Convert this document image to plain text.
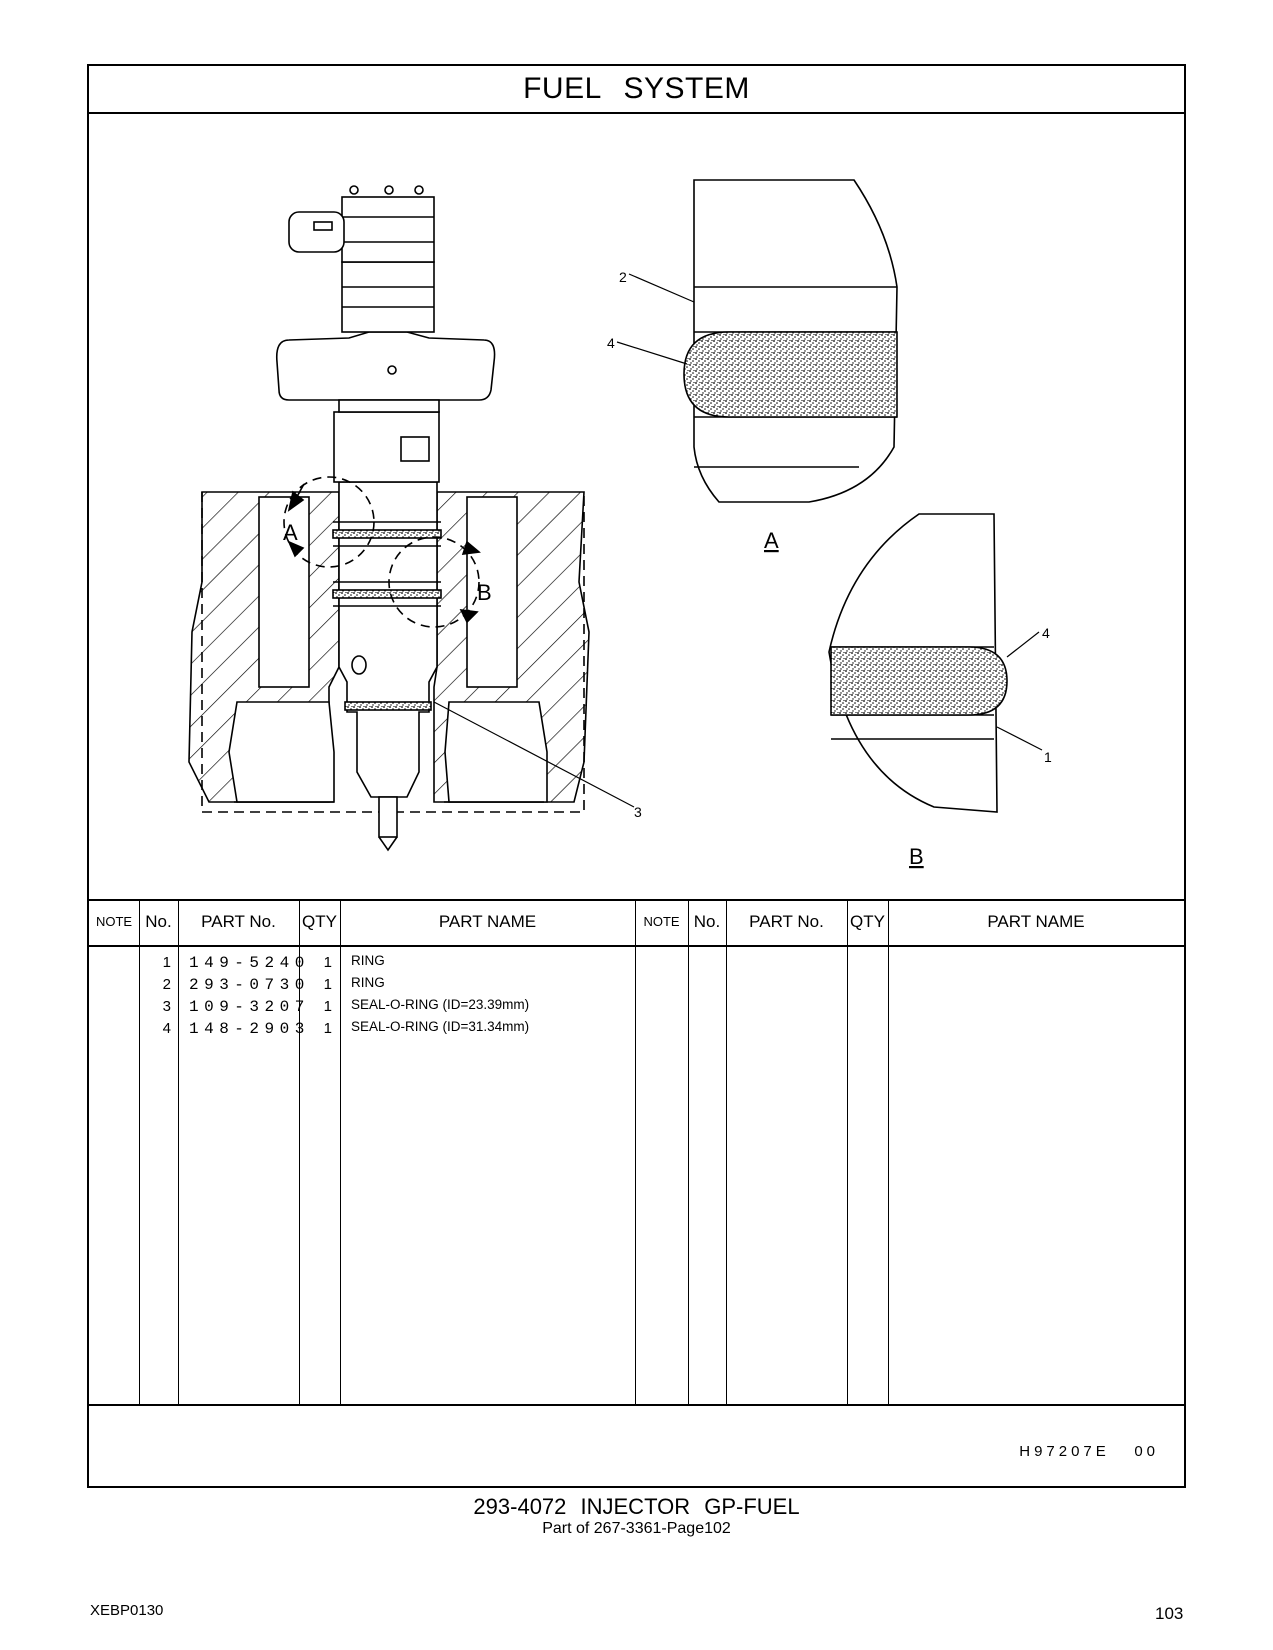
FUEL SYSTEM
A
B
3
2
4
4
1
A
B
NOTE No.	PART No.	QTY	PART NAME	NOTE No.	PART No.	QTY	PART NAME
1 149-5240 1 RING
2 293-0730 1 RING
3 109-3207 1 SEAL-O-RING (ID=23.39mm)
4 148-2903 1 SEAL-O-RING (ID=31.34mm)
H97207E 00
293-4072 INJECTOR GP-FUEL
Part of 267-3361-Page102
XEBP0130	103
